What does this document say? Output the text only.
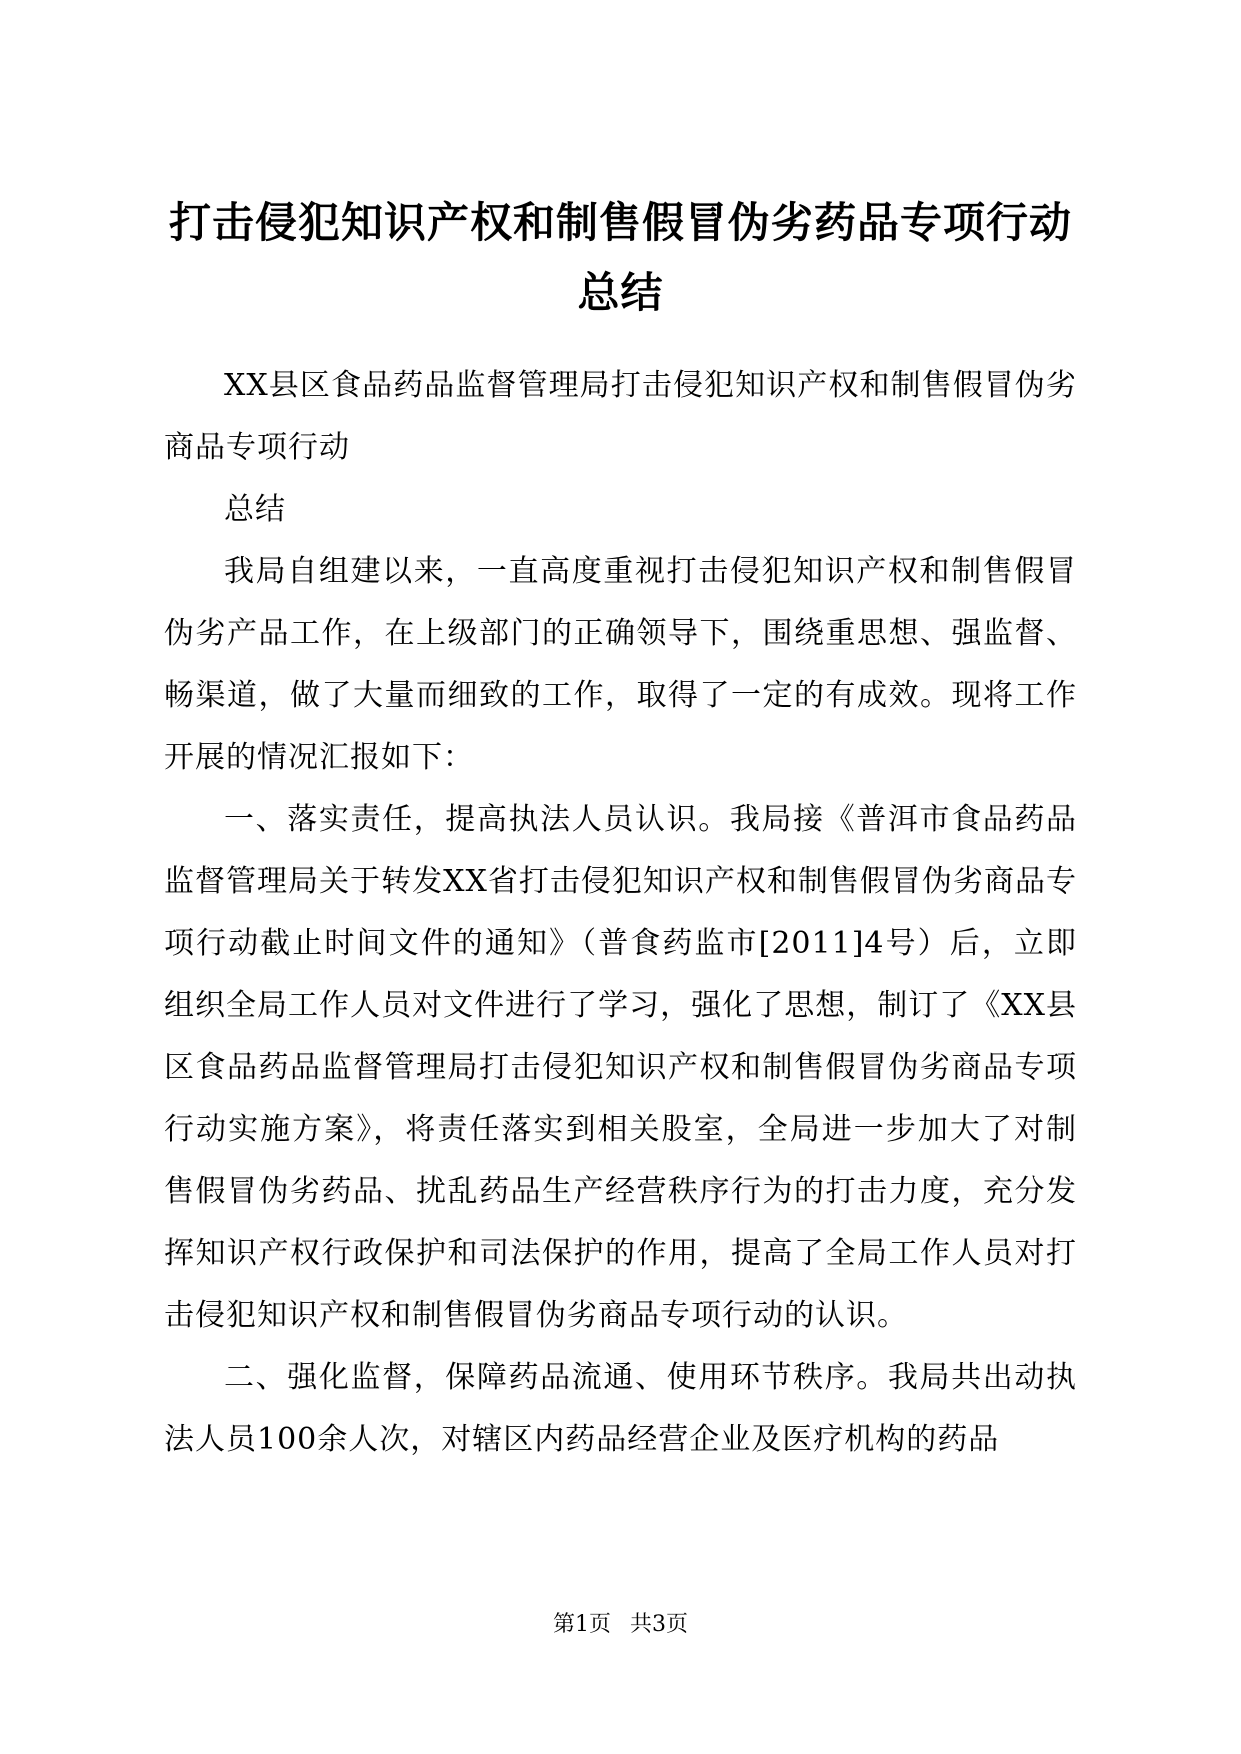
打击侵犯知识产权和制售假冒伪劣药品专项行动总结

XX县区食品药品监督管理局打击侵犯知识产权和制售假冒伪劣商品专项行动

总结

我局自组建以来，一直高度重视打击侵犯知识产权和制售假冒伪劣产品工作，在上级部门的正确领导下，围绕重思想、强监督、畅渠道，做了大量而细致的工作，取得了一定的有成效。现将工作开展的情况汇报如下：

一、落实责任，提高执法人员认识。我局接《普洱市食品药品监督管理局关于转发XX省打击侵犯知识产权和制售假冒伪劣商品专项行动截止时间文件的通知》（普食药监市[2011]4号）后，立即组织全局工作人员对文件进行了学习，强化了思想，制订了《XX县区食品药品监督管理局打击侵犯知识产权和制售假冒伪劣商品专项行动实施方案》，将责任落实到相关股室，全局进一步加大了对制售假冒伪劣药品、扰乱药品生产经营秩序行为的打击力度，充分发挥知识产权行政保护和司法保护的作用，提高了全局工作人员对打击侵犯知识产权和制售假冒伪劣商品专项行动的认识。

二、强化监督，保障药品流通、使用环节秩序。我局共出动执法人员100余人次，对辖区内药品经营企业及医疗机构的药品

第1页 共3页
